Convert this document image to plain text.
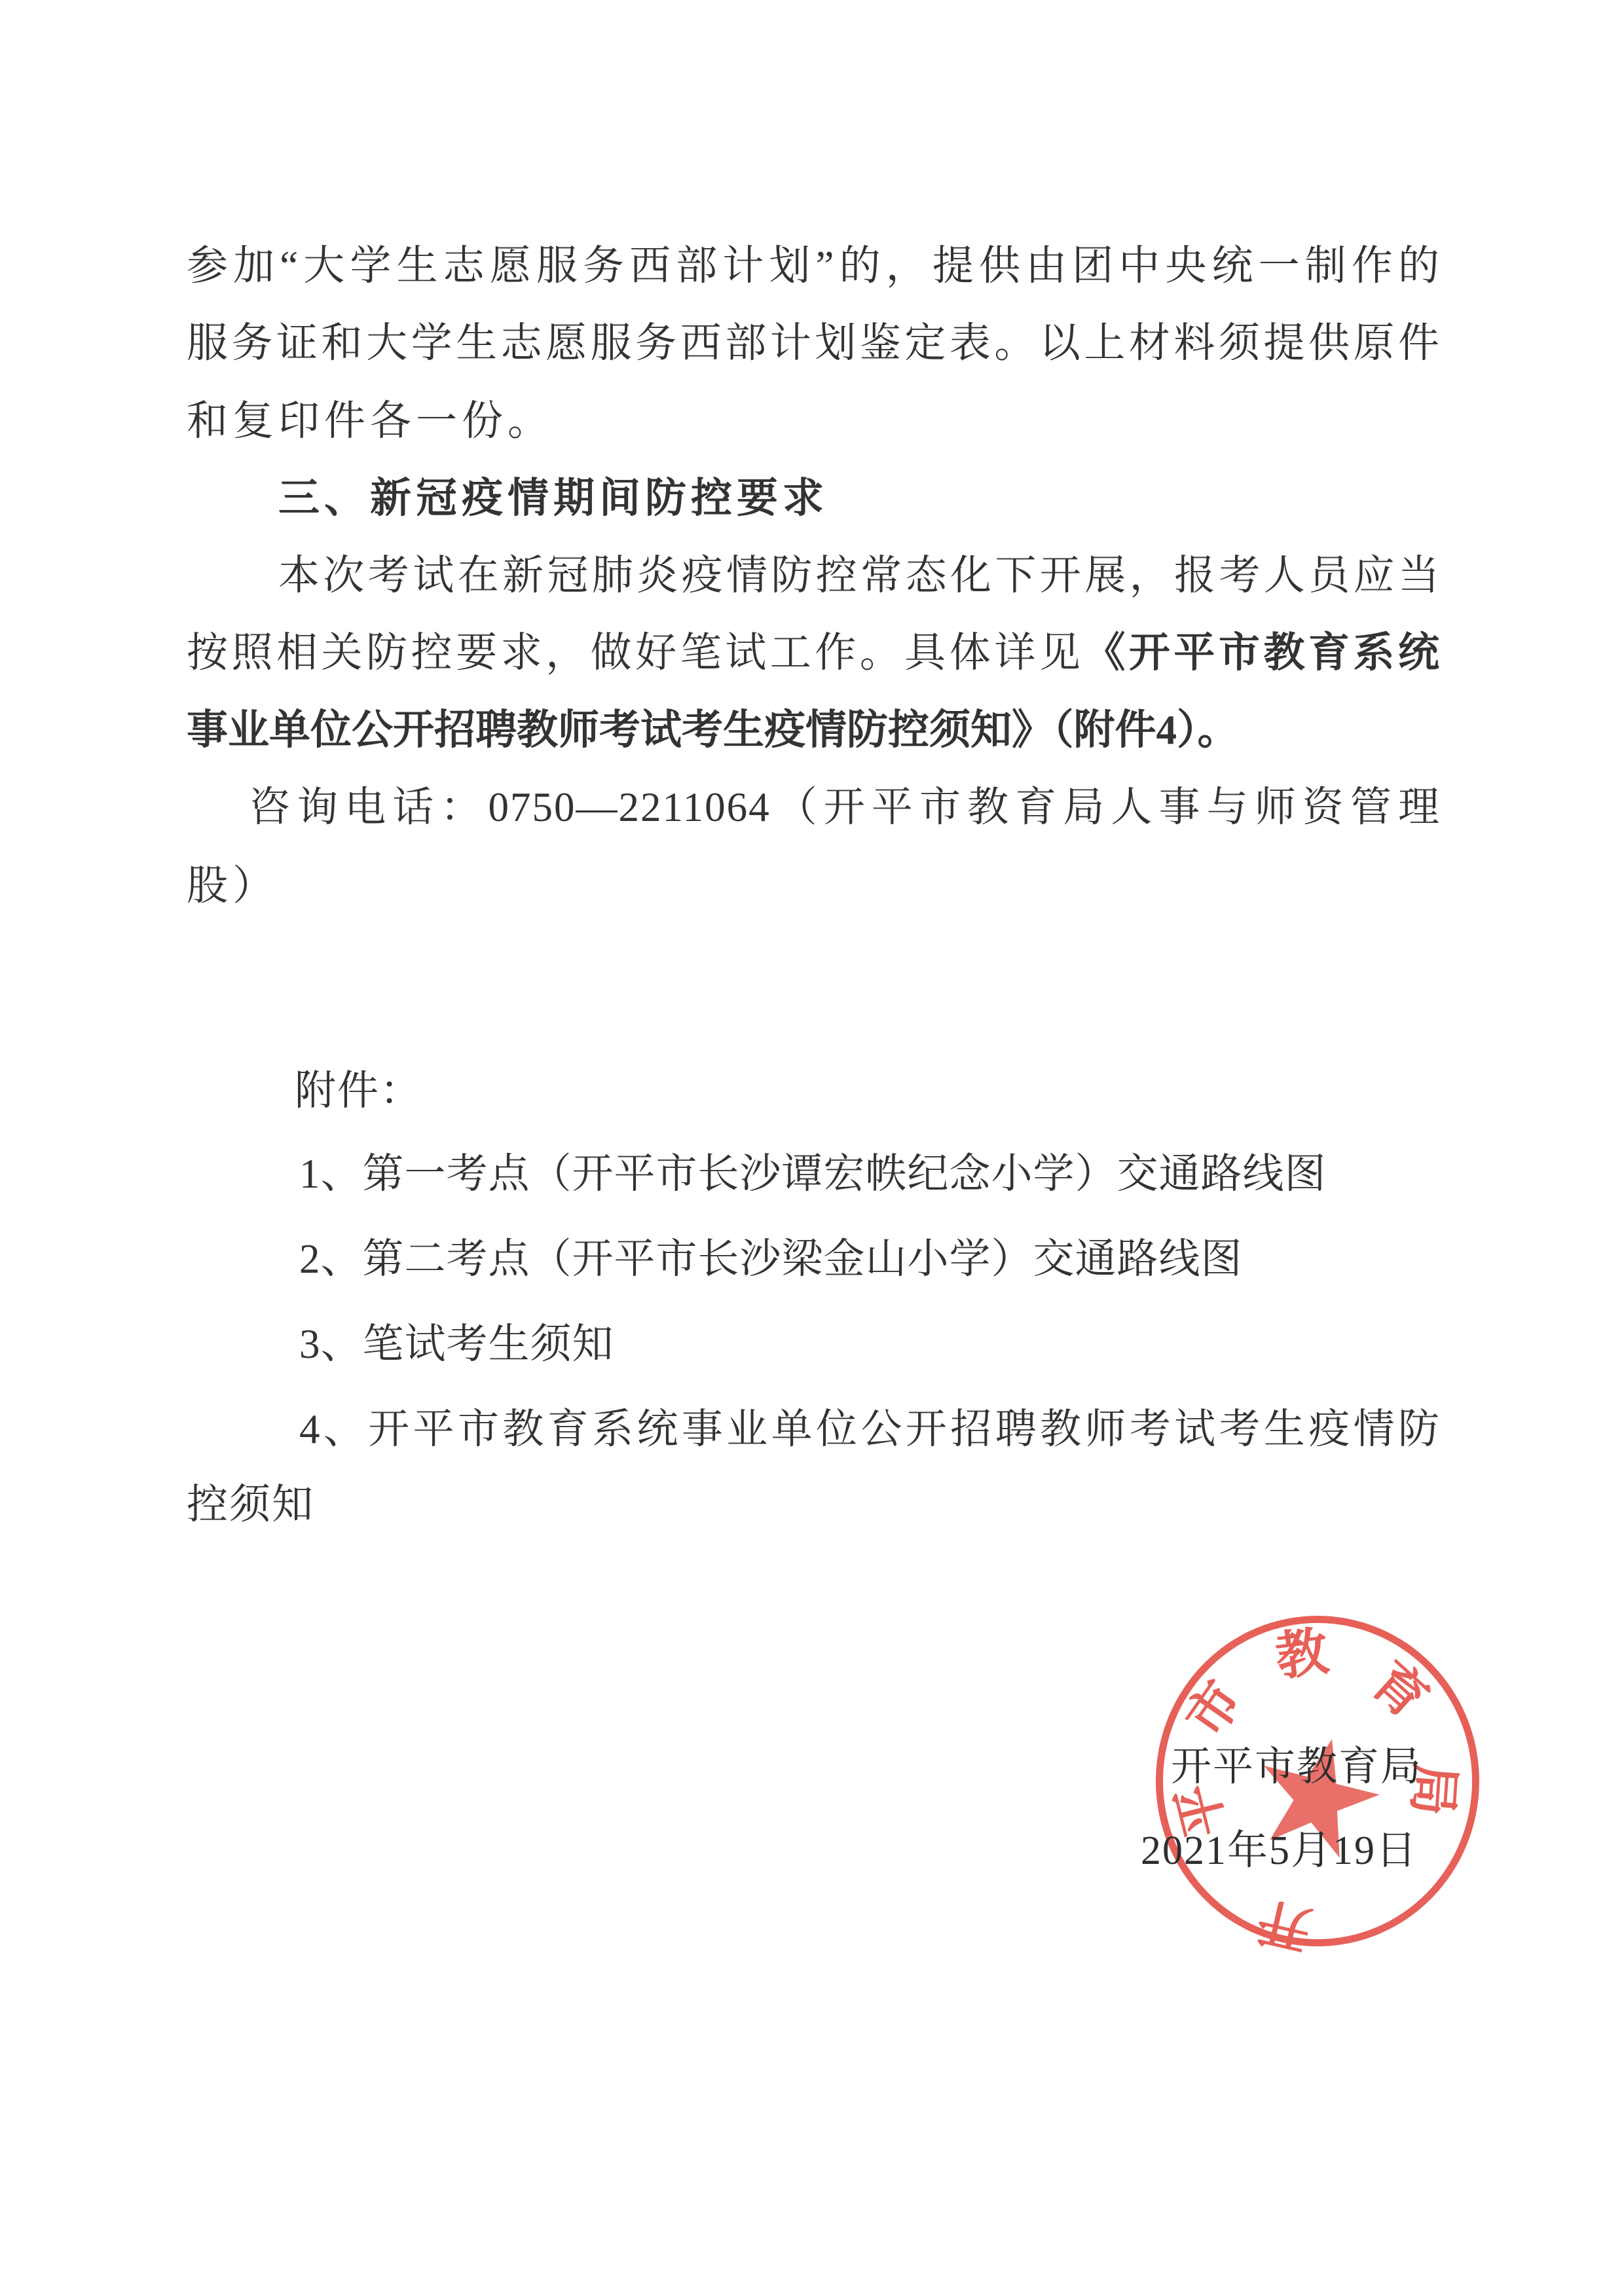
参加“大学生志愿服务西部计划”的，提供由团中央统一制作的
服务证和大学生志愿服务西部计划鉴定表。以上材料须提供原件
和复印件各一份。
三、新冠疫情期间防控要求
本次考试在新冠肺炎疫情防控常态化下开展，报考人员应当
按照相关防控要求，做好笔试工作。具体详见《开平市教育系统
事业单位公开招聘教师考试考生疫情防控须知》（附件4）。
咨询电话：0750—2211064（开平市教育局人事与师资管理
股）
附件：
1、第一考点（开平市长沙谭宏帙纪念小学）交通路线图
2、第二考点（开平市长沙梁金山小学）交通路线图
3、笔试考生须知
4、开平市教育系统事业单位公开招聘教师考试考生疫情防
控须知
开
平
市
教 育
局
开平市教育局
2021年5月19日
